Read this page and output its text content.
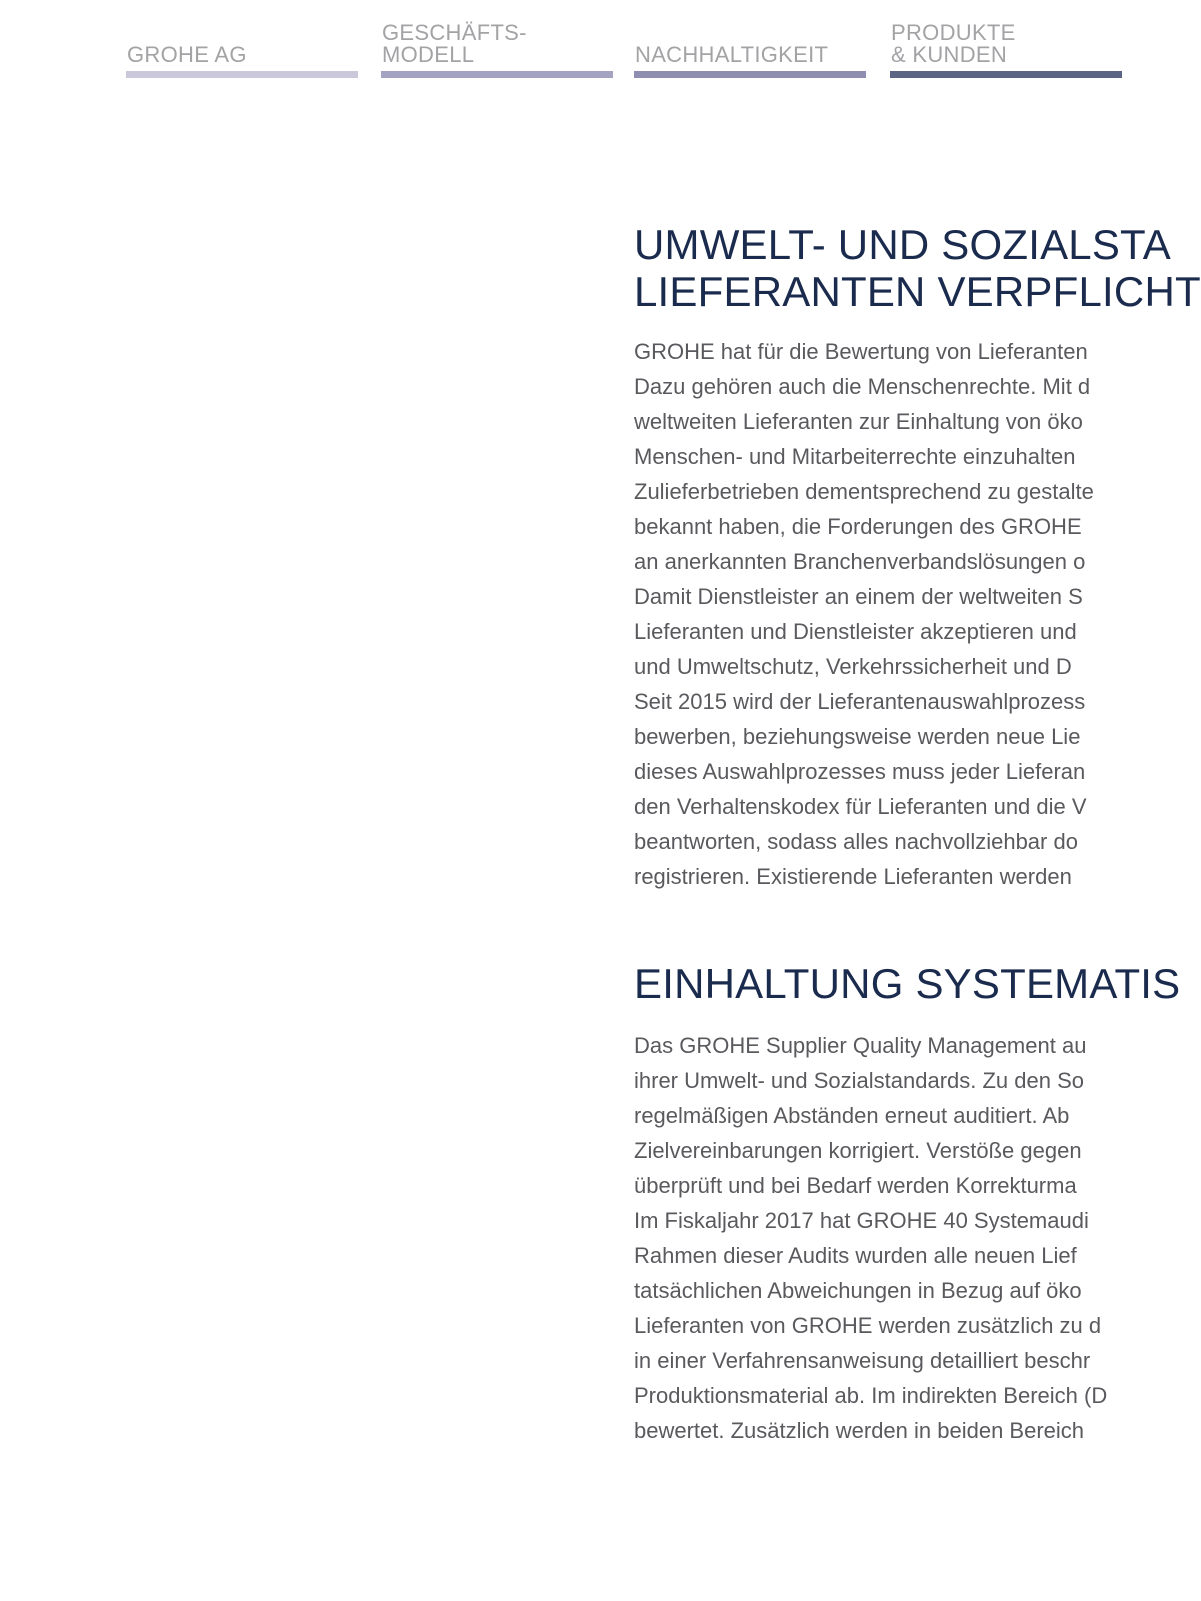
GROHE AG
GESCHÄFTS-
MODELL	NACHHALTIGKEIT
PRODUKTE
& KUNDEN
UMWELT- UND SOZIALSTA
LIEFERANTEN VERPFLICHT
GROHE hat für die Bewertung von Lieferanten
Dazu gehören auch die Menschenrechte. Mit d
weltweiten Lieferanten zur Einhaltung von öko
Menschen- und Mitarbeiterrechte einzuhalten
Zulieferbetrieben dementsprechend zu gestalte
bekannt haben, die Forderungen des GROHE
an anerkannten Branchenverbandslösungen o
Damit Dienstleister an einem der weltweiten S
Lieferanten und Dienstleister akzeptieren und
und Umweltschutz, Verkehrssicherheit und D
Seit 2015 wird der Lieferantenauswahlprozess
bewerben, beziehungsweise werden neue Lie
dieses Auswahlprozesses muss jeder Lieferan
den Verhaltenskodex für Lieferanten und die V
beantworten, sodass alles nachvollziehbar do
registrieren. Existierende Lieferanten werden
EINHALTUNG SYSTEMATIS
Das GROHE Supplier Quality Management au
ihrer Umwelt- und Sozialstandards. Zu den So
regelmäßigen Abständen erneut auditiert. Ab
Zielvereinbarungen korrigiert. Verstöße gegen
überprüft und bei Bedarf werden Korrekturma
Im Fiskaljahr 2017 hat GROHE 40 Systemaudi
Rahmen dieser Audits wurden alle neuen Lief
tatsächlichen Abweichungen in Bezug auf öko
Lieferanten von GROHE werden zusätzlich zu d
in einer Verfahrensanweisung detailliert beschr
Produktionsmaterial ab. Im indirekten Bereich (D
bewertet. Zusätzlich werden in beiden Bereich
